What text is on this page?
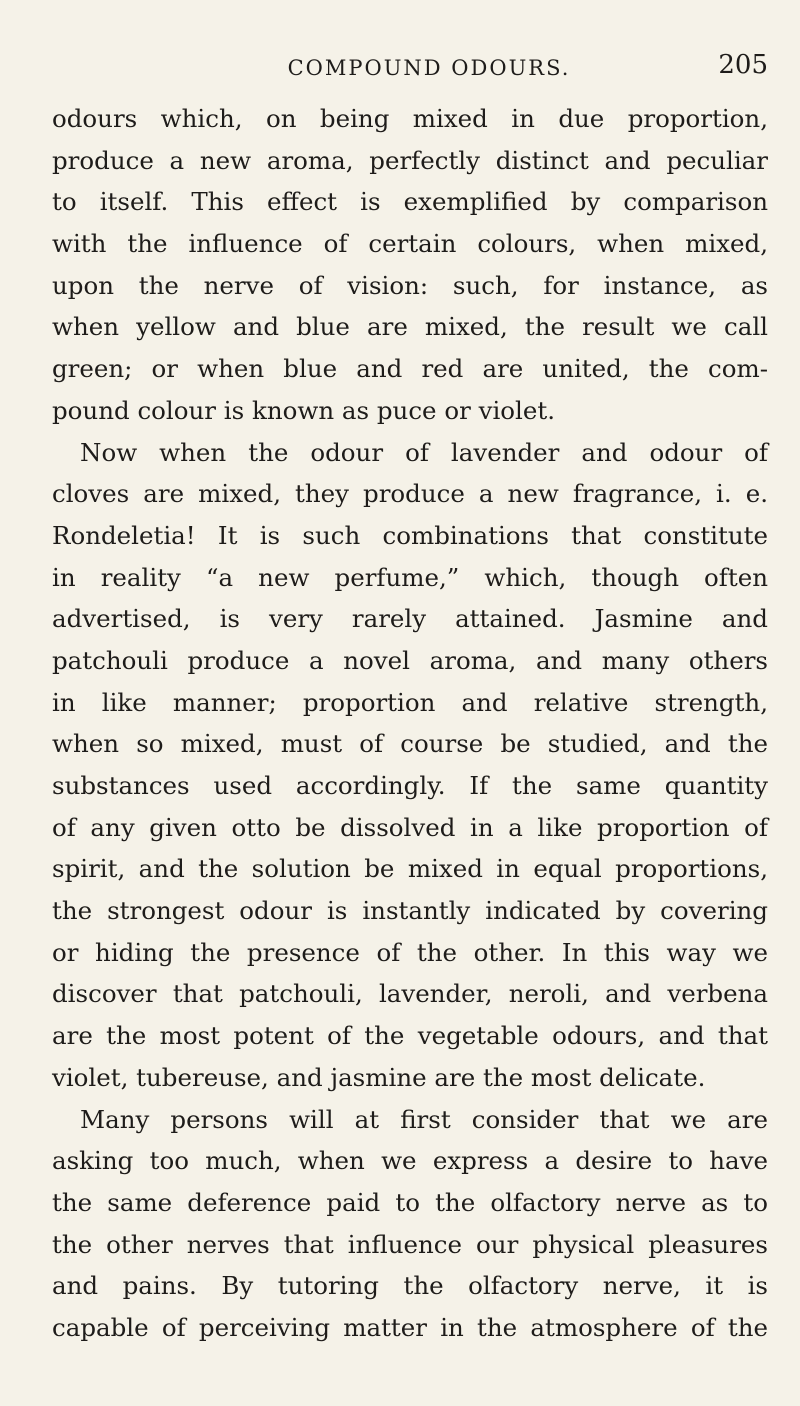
COMPOUND ODOURS.	205
odours which, on being mixed in due proportion,
produce a new aroma, perfectly distinct and peculiar
to itself. This effect is exemplified by comparison
with the influence of certain colours, when mixed,
upon the nerve of vision: such, for instance, as
when yellow and blue are mixed, the result we call
green; or when blue and red are united, the com-
pound colour is known as puce or violet.
Now when the odour of lavender and odour of
cloves are mixed, they produce a new fragrance, i. e.
Rondeletia! It is such combinations that constitute
in reality “a new perfume,” which, though often
advertised, is very rarely attained. Jasmine and
patchouli produce a novel aroma, and many others
in like manner; proportion and relative strength,
when so mixed, must of course be studied, and the
substances used accordingly. If the same quantity
of any given otto be dissolved in a like proportion of
spirit, and the solution be mixed in equal proportions,
the strongest odour is instantly indicated by covering
or hiding the presence of the other. In this way we
discover that patchouli, lavender, neroli, and verbena
are the most potent of the vegetable odours, and that
violet, tubereuse, and jasmine are the most delicate.
Many persons will at first consider that we are
asking too much, when we express a desire to have
the same deference paid to the olfactory nerve as to
the other nerves that influence our physical pleasures
and pains. By tutoring the olfactory nerve, it is
capable of perceiving matter in the atmosphere of the
